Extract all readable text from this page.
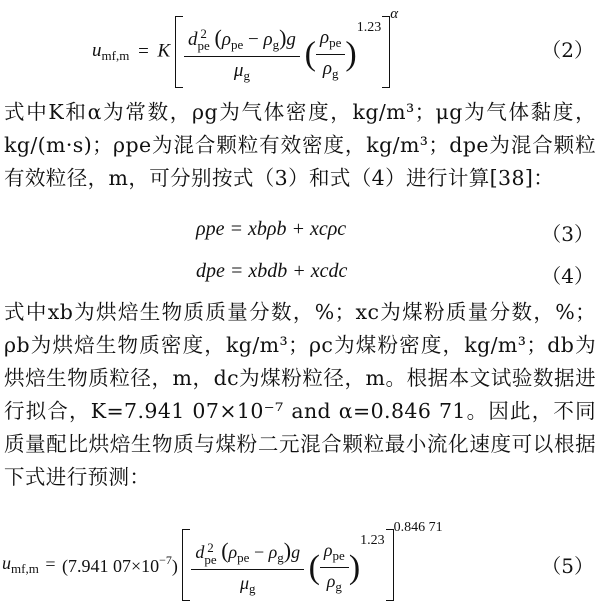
$u_{mf,m} = K$ d 2
pe $(\rho_{pe} - \rho_g)g$
$\mu_g$ ( $\frac{\rho_{pe}}{\rho_g} )^{1.23\alpha}$
（2）
式中K和α为常数，ρg为气体密度，kg/m³；μg为气体黏度，kg/(m·s)；ρpe为混合颗粒有效密度，kg/m³；dpe为混合颗粒有效粒径，m，可分别按式（3）和式（4）进行计算[38]：
ρpe = xbρb + xcρc	（3）
dpe = xbdb + xcdc	（4）
式中xb为烘焙生物质质量分数，%；xc为煤粉质量分数，%；ρb为烘焙生物质密度，kg/m³；ρc为煤粉密度，kg/m³；db为烘焙生物质粒径，m，dc为煤粉粒径，m。根据本文试验数据进行拟合，K=7.941 07×10⁻⁷ and α=0.846 71。因此，不同质量配比烘焙生物质与煤粉二元混合颗粒最小流化速度可以根据下式进行预测：
$u_{mf,m} = (7.941$ $07\times 10^{-7}$) d 2
pe $(\rho_{pe} - \rho_g)g$
$\mu_g$ ( $\frac{\rho_{pe}}{\rho_g} )^{1.230.846 71}$
（5）
